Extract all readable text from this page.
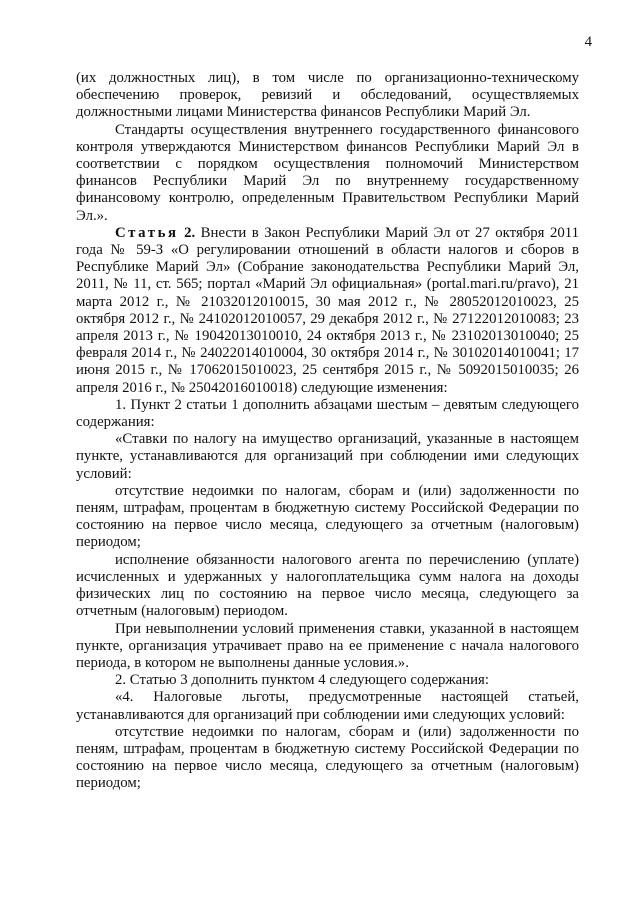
4

(их должностных лиц), в том числе по организационно-техническому обеспечению проверок, ревизий и обследований, осуществляемых должностными лицами Министерства финансов Республики Марий Эл.

Стандарты осуществления внутреннего государственного финансового контроля утверждаются Министерством финансов Республики Марий Эл в соответствии с порядком осуществления полномочий Министерством финансов Республики Марий Эл по внутреннему государственному финансовому контролю, определенным Правительством Республики Марий Эл.».

Статья 2. Внести в Закон Республики Марий Эл от 27 октября 2011 года № 59-З «О регулировании отношений в области налогов и сборов в Республике Марий Эл» (Собрание законодательства Республики Марий Эл, 2011, № 11, ст. 565; портал «Марий Эл официальная» (portal.mari.ru/pravo), 21 марта 2012 г., № 21032012010015, 30 мая 2012 г., № 28052012010023, 25 октября 2012 г., № 24102012010057, 29 декабря 2012 г., № 27122012010083; 23 апреля 2013 г., № 19042013010010, 24 октября 2013 г., № 23102013010040; 25 февраля 2014 г., № 24022014010004, 30 октября 2014 г., № 30102014010041; 17 июня 2015 г., № 17062015010023, 25 сентября 2015 г., № 5092015010035; 26 апреля 2016 г., № 25042016010018) следующие изменения:

1. Пункт 2 статьи 1 дополнить абзацами шестым – девятым следующего содержания:

«Ставки по налогу на имущество организаций, указанные в настоящем пункте, устанавливаются для организаций при соблюдении ими следующих условий:

отсутствие недоимки по налогам, сборам и (или) задолженности по пеням, штрафам, процентам в бюджетную систему Российской Федерации по состоянию на первое число месяца, следующего за отчетным (налоговым) периодом;

исполнение обязанности налогового агента по перечислению (уплате) исчисленных и удержанных у налогоплательщика сумм налога на доходы физических лиц по состоянию на первое число месяца, следующего за отчетным (налоговым) периодом.

При невыполнении условий применения ставки, указанной в настоящем пункте, организация утрачивает право на ее применение с начала налогового периода, в котором не выполнены данные условия.».

2. Статью 3 дополнить пунктом 4 следующего содержания:

«4. Налоговые льготы, предусмотренные настоящей статьей, устанавливаются для организаций при соблюдении ими следующих условий:

отсутствие недоимки по налогам, сборам и (или) задолженности по пеням, штрафам, процентам в бюджетную систему Российской Федерации по состоянию на первое число месяца, следующего за отчетным (налоговым) периодом;
